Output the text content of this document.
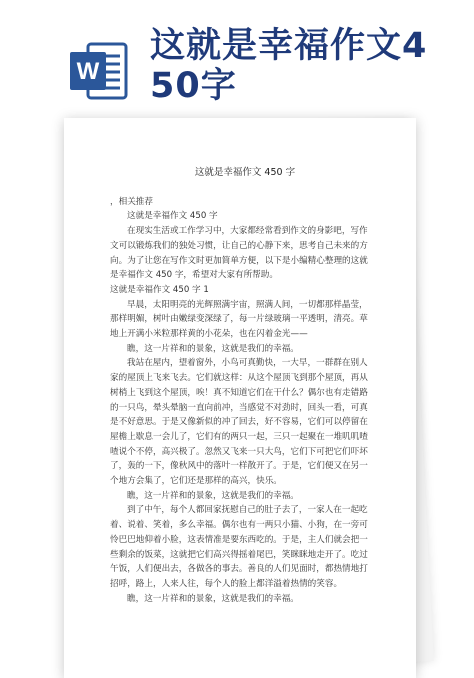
W
这就是幸福作文4
50字
这就是幸福作文 450 字

，相关推荐

这就是幸福作文 450 字

在现实生活或工作学习中，大家都经常看到作文的身影吧，写作文可以锻炼我们的独处习惯，让自己的心静下来，思考自己未来的方向。为了让您在写作文时更加简单方便，以下是小编精心整理的这就是幸福作文 450 字，希望对大家有所帮助。

这就是幸福作文 450 字 1

早晨，太阳明亮的光辉照满宇宙，照满人间，一切都那样晶莹，那样明媚，树叶由嫩绿变深绿了，每一片绿玻璃一平透明，清亮。草地上开满小米粒那样黄的小花朵，也在闪着金光——

瞧，这一片祥和的景象，这就是我们的幸福。

我站在屋内，望着窗外，小鸟可真勤快，一大早，一群群在别人家的屋顶上飞来飞去。它们就这样：从这个屋顶飞到那个屋顶，再从树梢上飞到这个屋顶，唉！真不知道它们在干什么？偶尔也有走错路的一只鸟，晕头晕脑一直向前冲，当感觉不对劲时，回头一看，可真是不好意思。于是又像新似的冲了回去，好不容易，它们可以停留在屋檐上歇息一会儿了，它们有的两只一起，三只一起聚在一堆叽叽喳喳说个不停，高兴极了。忽然又飞来一只大鸟，它们下可把它们吓坏了，轰的一下，像秋风中的落叶一样散开了。于是，它们便又在另一个地方会集了，它们还是那样的高兴，快乐。

瞧，这一片祥和的景象，这就是我们的幸福。

到了中午，每个人都回家抚慰自己的肚子去了，一家人在一起吃着、说着、笑着，多么幸福。偶尔也有一两只小猫、小狗，在一旁可怜巴巴地仰着小脸，这表情准是要东西吃的。于是，主人们就会把一些剩余的饭菜，这就把它们高兴得摇着尾巴，笑眯眯地走开了。吃过午饭，人们便出去，各做各的事去。善良的人们见面时，都热情地打招呼，路上，人来人往，每个人的脸上都洋溢着热情的笑容。

瞧，这一片祥和的景象，这就是我们的幸福。
